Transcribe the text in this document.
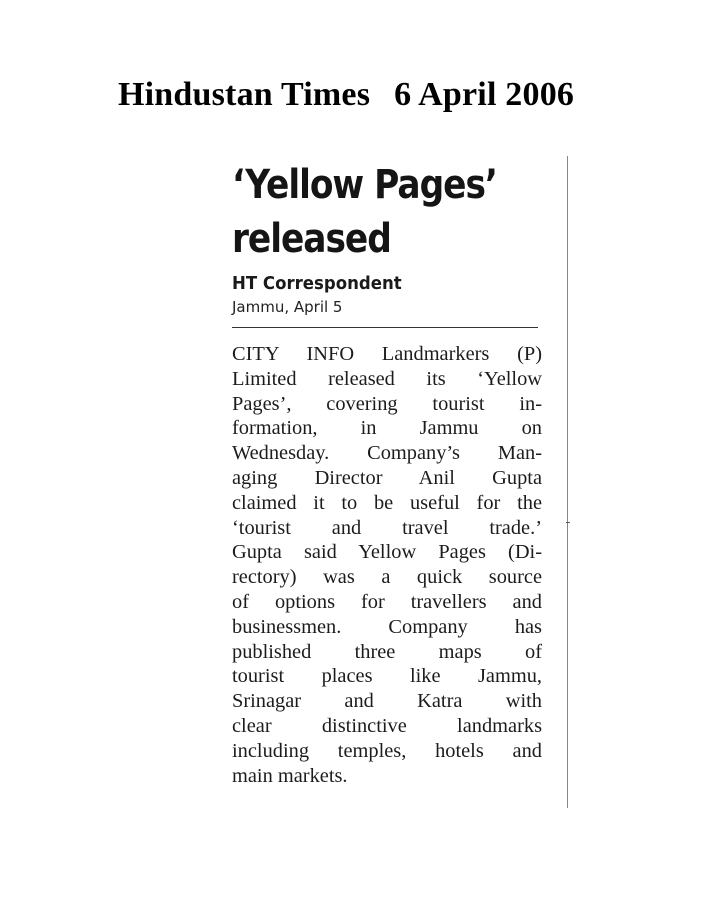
Hindustan Times 6 April 2006
‘Yellow Pages’
released
HT Correspondent
Jammu, April 5
CITY INFO Landmarkers (P)
Limited released its ‘Yellow
Pages’, covering tourist in-
formation, in Jammu on
Wednesday. Company’s Man-
aging Director Anil Gupta
claimed it to be useful for the
‘tourist and travel trade.’
Gupta said Yellow Pages (Di-
rectory) was a quick source
of options for travellers and
businessmen. Company has
published three maps of
tourist places like Jammu,
Srinagar and Katra with
clear distinctive landmarks
including temples, hotels and
main markets.
